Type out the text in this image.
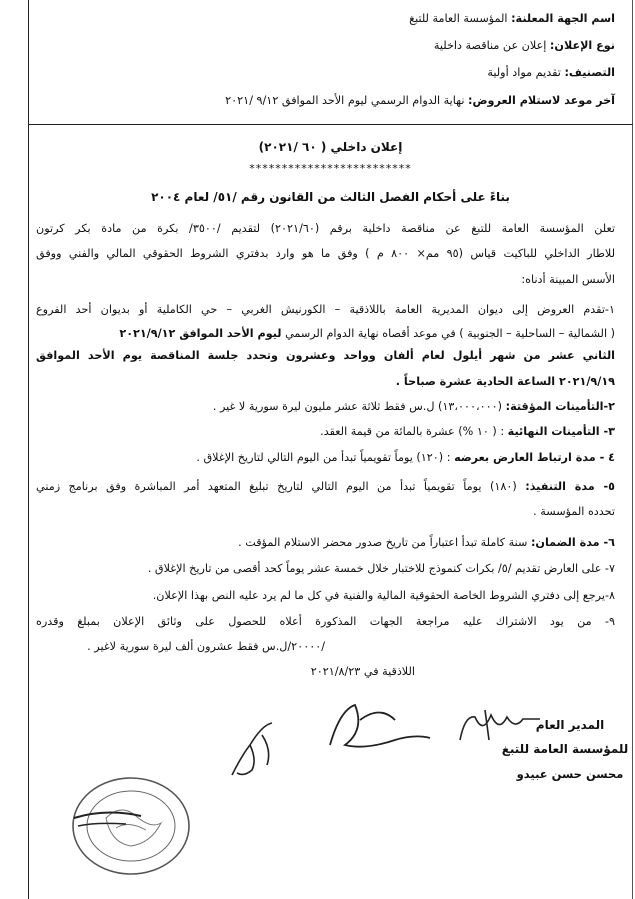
اسم الجهة المعلنة: المؤسسة العامة للتبغ
نوع الإعلان: إعلان عن مناقصة داخلية
التصنيف: تقديم مواد أولية
آخر موعد لاستلام العروض: نهاية الدوام الرسمي ليوم الأحد الموافق ٩/١٢ /٢٠٢١
إعلان داخلي ( ٦٠ /٢٠٢١)
*************************
بناءً على أحكام الفصل الثالث من القانون رقم /٥١/ لعام ٢٠٠٤
تعلن المؤسسة العامة للتبغ عن مناقصة داخلية برقم (٢٠٢١/٦٠) لتقديم /٣٥٠٠/ بكرة من مادة بكر كرتون
للاطار الداخلي للباكيت قياس (٩٥ مم× ٨٠٠ م ) وفق ما هو وارد بدفتري الشروط الحقوقي المالي والفني ووفق
الأسس المبينة أدناه:
١-تقدم العروض إلى ديوان المديرية العامة باللاذقية – الكورنيش الغربي – حي الكاملية أو بديوان أحد الفروع
( الشمالية – الساحلية – الجنوبية ) في موعد أقصاه نهاية الدوام الرسمي ليوم الأحد الموافق ٢٠٢١/٩/١٢
الثاني عشر من شهر أيلول لعام ألفان وواحد وعشرون وتحدد جلسة المناقصة يوم الأحد الموافق
٢٠٢١/٩/١٩ الساعة الحادية عشرة صباحاً .
٢-التأمينات المؤقتة: (١٣،٠٠٠،٠٠٠) ل.س فقط ثلاثة عشر مليون ليرة سورية لا غير .
٣- التأمينات النهائية : ( ١٠ %) عشرة بالمائة من قيمة العقد.
٤ - مدة ارتباط العارض بعرضه : (١٢٠) يوماً تقويمياً تبدأ من اليوم التالي لتاريخ الإغلاق .
٥- مدة التنفيذ: (١٨٠) يوماً تقويمياً تبدأ من اليوم التالي لتاريخ تبليغ المتعهد أمر المباشرة وفق برنامج زمني
تحدده المؤسسة .
٦- مدة الضمان: سنة كاملة تبدأ اعتباراً من تاريخ صدور محضر الاستلام المؤقت .
٧- على العارض تقديم /٥/ بكرات كنموذج للاختبار خلال خمسة عشر يوماً كحد أقصى من تاريخ الإغلاق .
٨-يرجع إلى دفتري الشروط الخاصة الحقوقية المالية والفنية في كل ما لم يرد عليه النص بهذا الإعلان.
٩- من يود الاشتراك عليه مراجعة الجهات المذكورة أعلاه للحصول على وثائق الإعلان بمبلغ وقدره
/٢٠٠٠٠/ل.س فقط عشرون ألف ليرة سورية لاغير .
اللاذقية في ٢٠٢١/٨/٢٣
المدير العام
للمؤسسة العامة للتبغ
محسن حسن عبيدو
